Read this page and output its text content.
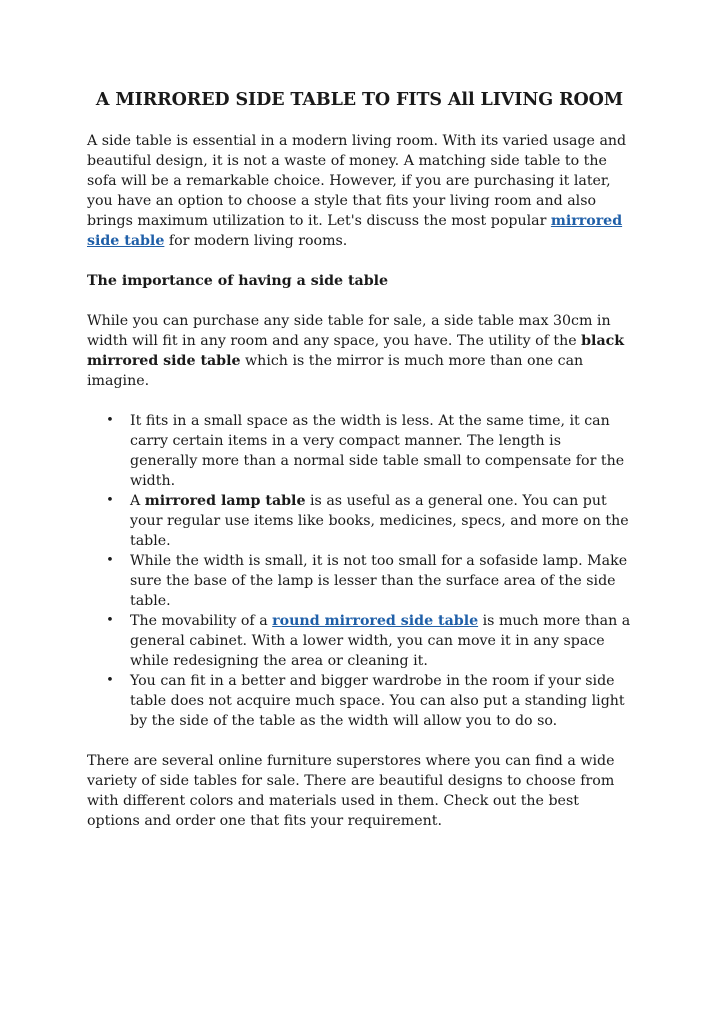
A MIRRORED SIDE TABLE TO FITS All LIVING ROOM

A side table is essential in a modern living room. With its varied usage and beautiful design, it is not a waste of money. A matching side table to the sofa will be a remarkable choice. However, if you are purchasing it later, you have an option to choose a style that fits your living room and also brings maximum utilization to it. Let's discuss the most popular mirrored side table for modern living rooms.

The importance of having a side table

While you can purchase any side table for sale, a side table max 30cm in width will fit in any room and any space, you have. The utility of the black mirrored side table which is the mirror is much more than one can imagine.

• It fits in a small space as the width is less. At the same time, it can carry certain items in a very compact manner. The length is generally more than a normal side table small to compensate for the width.
• A mirrored lamp table is as useful as a general one. You can put your regular use items like books, medicines, specs, and more on the table.
• While the width is small, it is not too small for a sofaside lamp. Make sure the base of the lamp is lesser than the surface area of the side table.
• The movability of a round mirrored side table is much more than a general cabinet. With a lower width, you can move it in any space while redesigning the area or cleaning it.
• You can fit in a better and bigger wardrobe in the room if your side table does not acquire much space. You can also put a standing light by the side of the table as the width will allow you to do so.

There are several online furniture superstores where you can find a wide variety of side tables for sale. There are beautiful designs to choose from with different colors and materials used in them. Check out the best options and order one that fits your requirement.
